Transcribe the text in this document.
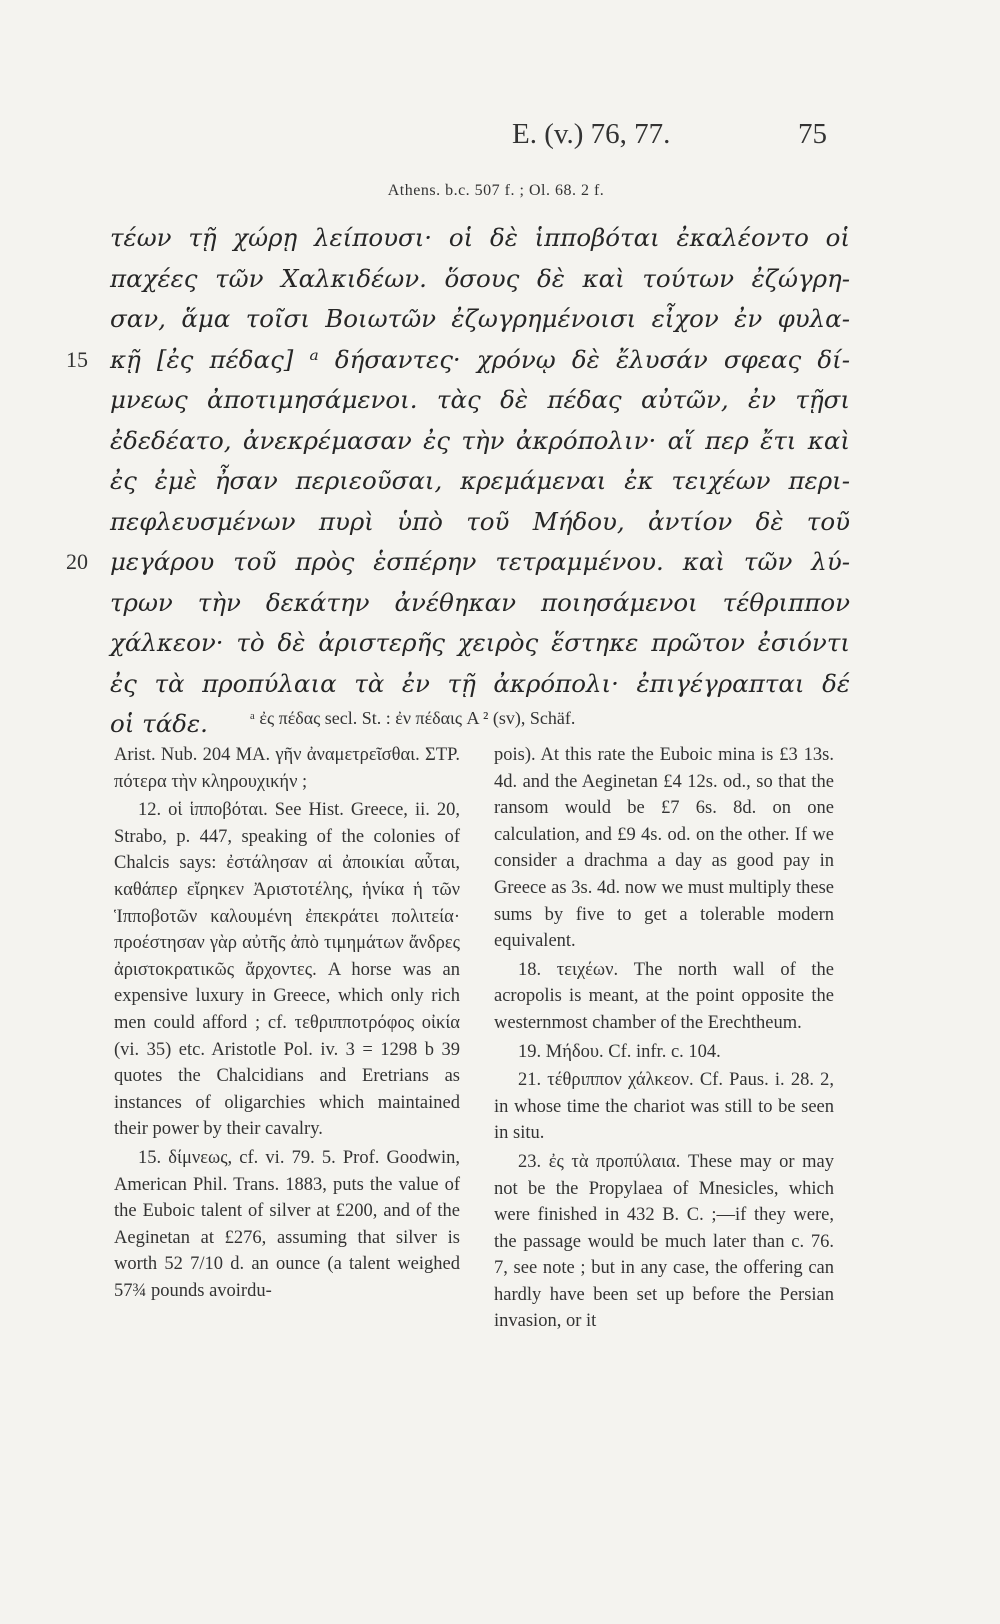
E. (v.) 76, 77.	75
Athens. b.c. 507 f. ; Ol. 68. 2 f.
τέων τῇ χώρῃ λείπουσι· οἱ δὲ ἱπποβόται ἐκαλέοντο οἱ
παχέες τῶν Χαλκιδέων. ὅσους δὲ καὶ τούτων ἐζώγρη-
σαν, ἅμα τοῖσι Βοιωτῶν ἐζωγρημένοισι εἶχον ἐν φυλα-
15 κῇ [ἐς πέδας] ᵃ δήσαντες· χρόνῳ δὲ ἔλυσάν σφεας δί-
μνεως ἀποτιμησάμενοι. τὰς δὲ πέδας αὐτῶν, ἐν τῇσι
ἐδεδέατο, ἀνεκρέμασαν ἐς τὴν ἀκρόπολιν· αἵ περ ἔτι καὶ
ἐς ἐμὲ ἦσαν περιεοῦσαι, κρεμάμεναι ἐκ τειχέων περι-
πεφλευσμένων πυρὶ ὑπὸ τοῦ Μήδου, ἀντίον δὲ τοῦ
20 μεγάρου τοῦ πρὸς ἑσπέρην τετραμμένου. καὶ τῶν λύ-
τρων τὴν δεκάτην ἀνέθηκαν ποιησάμενοι τέθριππον
χάλκεον· τὸ δὲ ἀριστερῆς χειρὸς ἕστηκε πρῶτον ἐσιόντι
ἐς τὰ προπύλαια τὰ ἐν τῇ ἀκρόπολι· ἐπιγέγραπται δέ
οἱ τάδε.	ᵃ ἐς πέδας secl. St. : ἐν πέδαις A ² (sv), Schäf.

Arist. Nub. 204 MA. γῆν ἀναμετρεῖσθαι. ΣΤΡ. πότερα τὴν κληρουχικήν ;

12. οἱ ἱπποβόται. See Hist. Greece, ii. 20, Strabo, p. 447, speaking of the colonies of Chalcis says: ἐστάλησαν αἱ ἀποικίαι αὗται, καθάπερ εἴρηκεν Ἀριστοτέλης, ἡνίκα ἡ τῶν Ἱπποβοτῶν καλουμένη ἐπεκράτει πολιτεία· προέστησαν γὰρ αὐτῆς ἀπὸ τιμημάτων ἄνδρες ἀριστοκρατικῶς ἄρχοντες. A horse was an expensive luxury in Greece, which only rich men could afford ; cf. τεθριπποτρόφος οἰκία (vi. 35) etc. Aristotle Pol. iv. 3 = 1298 b 39 quotes the Chalcidians and Eretrians as instances of oligarchies which maintained their power by their cavalry.

15. δίμνεως, cf. vi. 79. 5. Prof. Goodwin, American Phil. Trans. 1883, puts the value of the Euboic talent of silver at £200, and of the Aeginetan at £276, assuming that silver is worth 52 7/10 d. an ounce (a talent weighed 57¾ pounds avoirdu-

pois). At this rate the Euboic mina is £3 13s. 4d. and the Aeginetan £4 12s. od., so that the ransom would be £7 6s. 8d. on one calculation, and £9 4s. od. on the other. If we consider a drachma a day as good pay in Greece as 3s. 4d. now we must multiply these sums by five to get a tolerable modern equivalent.

18. τειχέων. The north wall of the acropolis is meant, at the point opposite the westernmost chamber of the Erechtheum.

19. Μήδου. Cf. infr. c. 104.

21. τέθριππον χάλκεον. Cf. Paus. i. 28. 2, in whose time the chariot was still to be seen in situ.

23. ἐς τὰ προπύλαια. These may or may not be the Propylaea of Mnesicles, which were finished in 432 B. C. ;—if they were, the passage would be much later than c. 76. 7, see note ; but in any case, the offering can hardly have been set up before the Persian invasion, or it
